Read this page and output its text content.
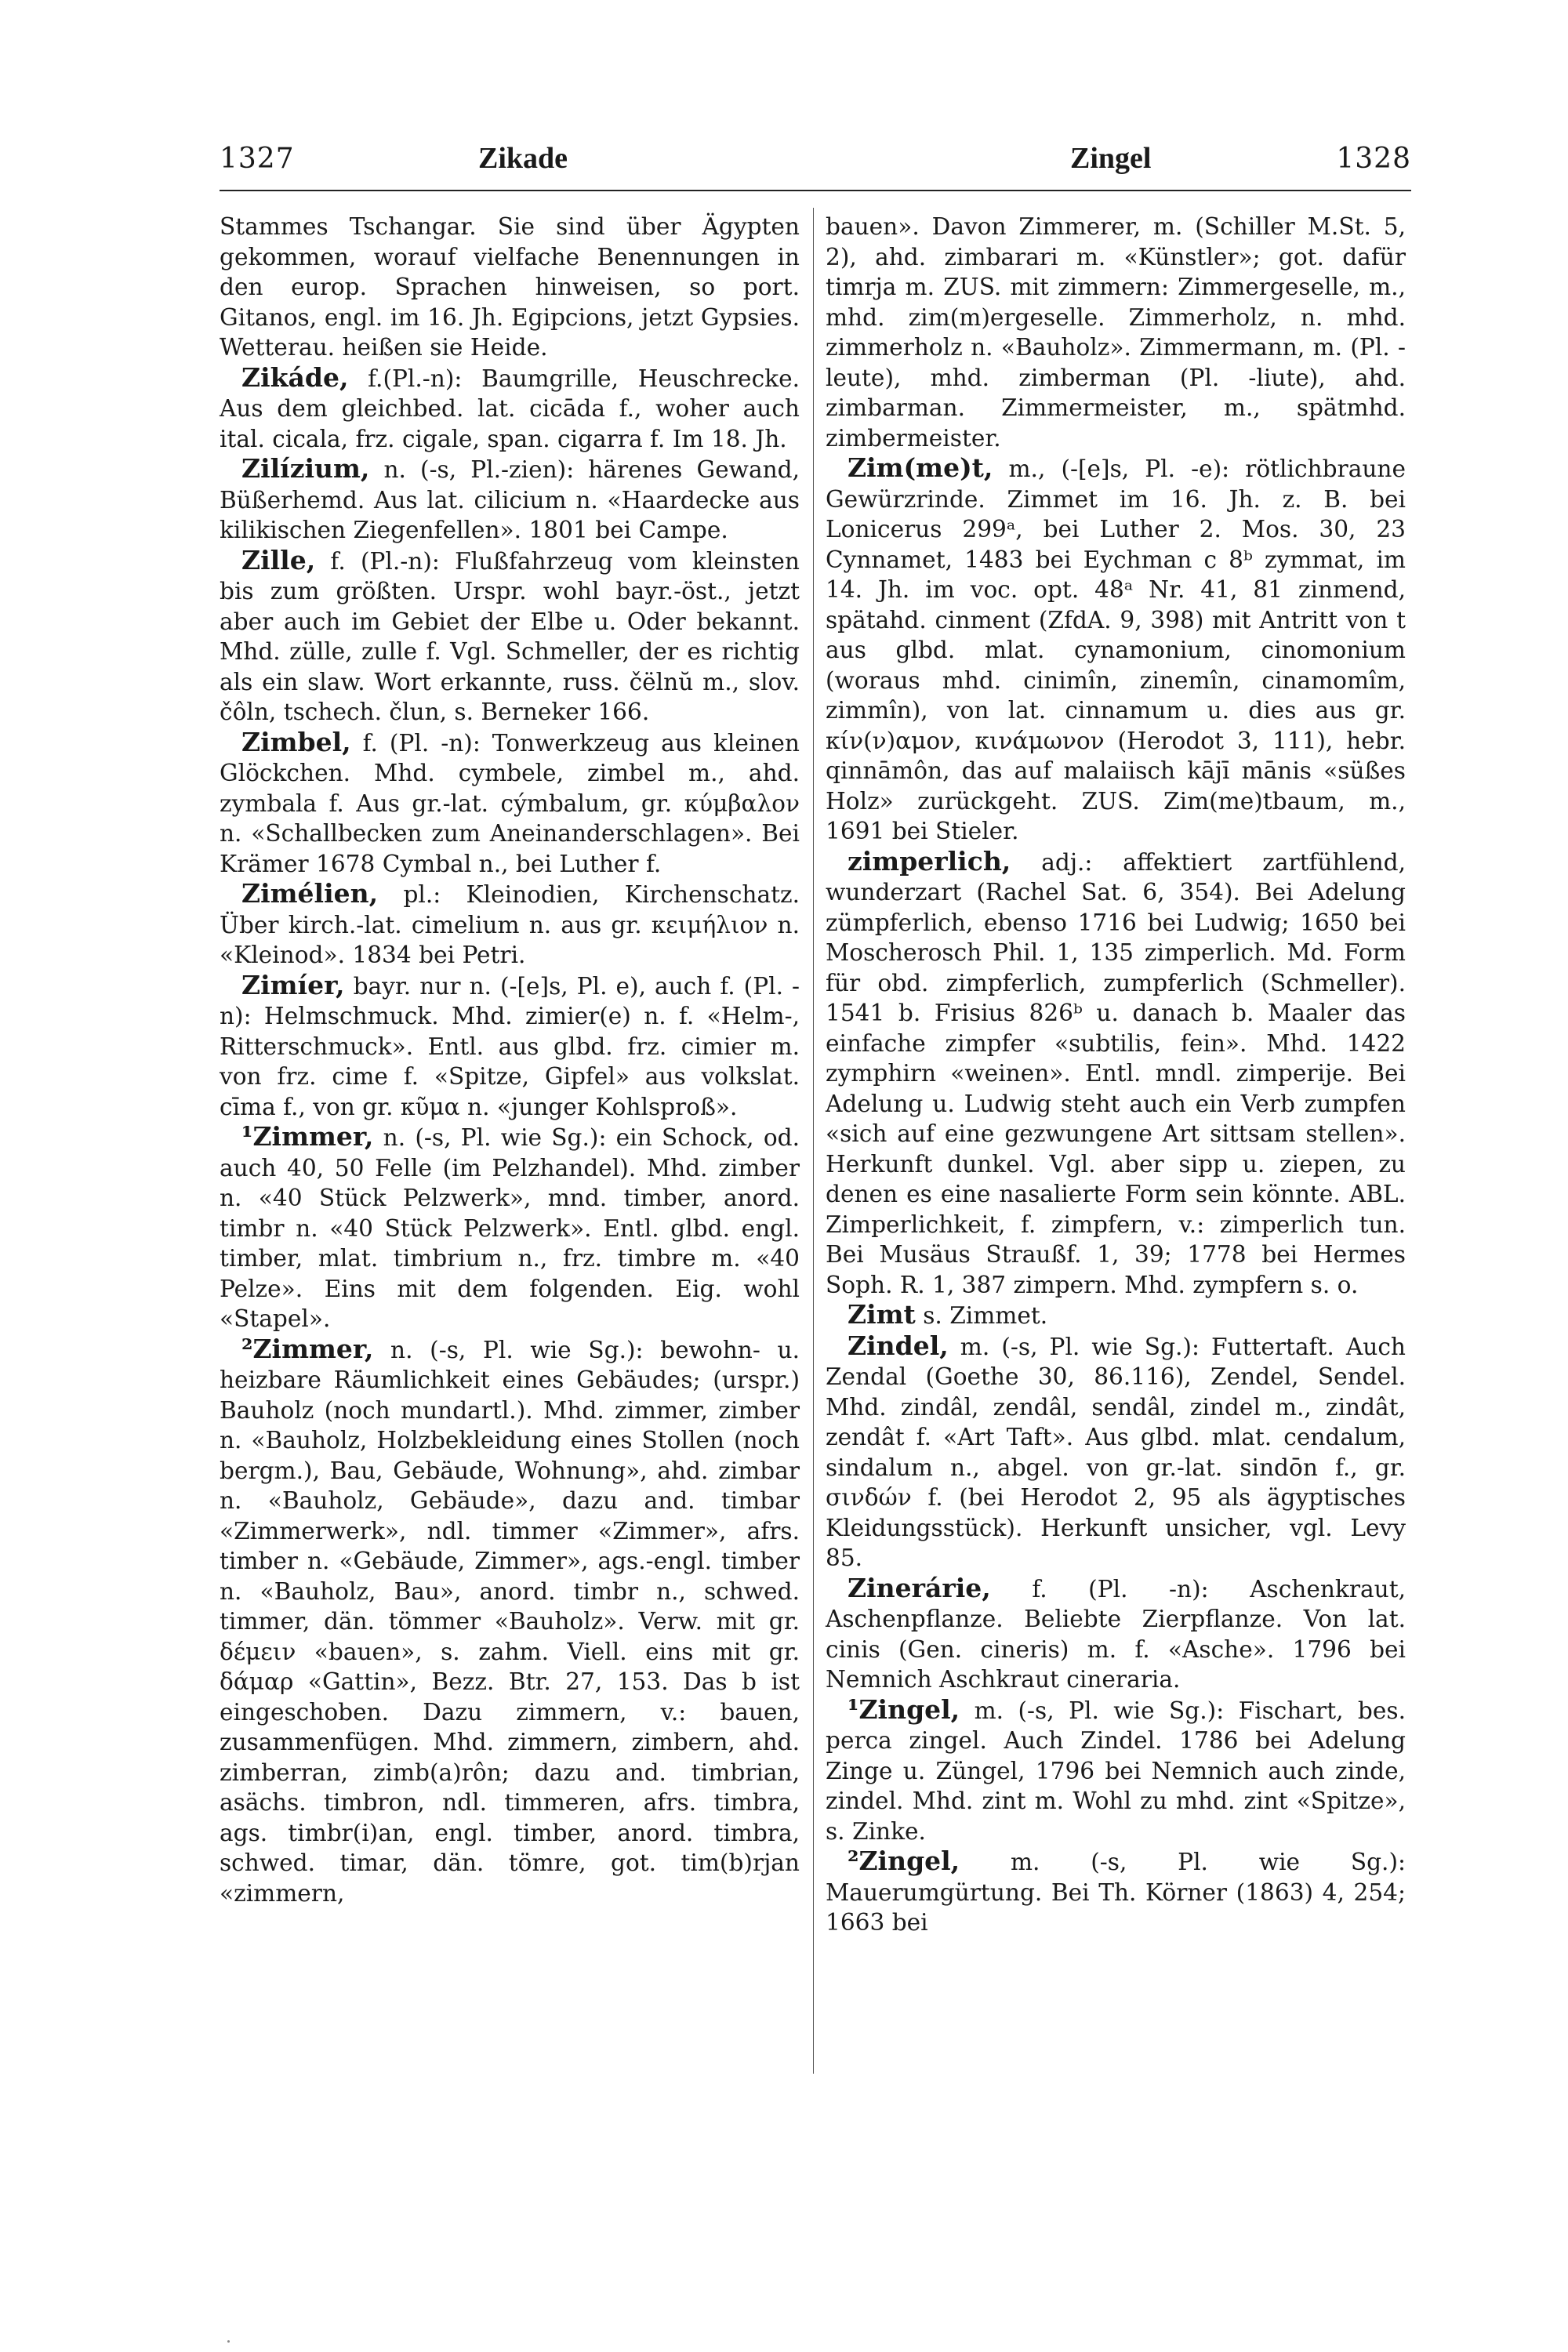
1327	Zikade	Zingel	1328

Stammes Tschangar. Sie sind über Ägypten gekommen, worauf vielfache Benennungen in den europ. Sprachen hinweisen, so port. Gitanos, engl. im 16. Jh. Egipcions, jetzt Gypsies. Wetterau. heißen sie Heide.

Zikáde, f.(Pl.-n): Baumgrille, Heuschrecke. Aus dem gleichbed. lat. cicāda f., woher auch ital. cicala, frz. cigale, span. cigarra f. Im 18. Jh.

Zilízium, n. (-s, Pl.-zien): härenes Gewand, Büßerhemd. Aus lat. cilicium n. «Haardecke aus kilikischen Ziegenfellen». 1801 bei Campe.

Zille, f. (Pl.-n): Flußfahrzeug vom kleinsten bis zum größten. Urspr. wohl bayr.-öst., jetzt aber auch im Gebiet der Elbe u. Oder bekannt. Mhd. zülle, zulle f. Vgl. Schmeller, der es richtig als ein slaw. Wort erkannte, russ. čëlnŭ m., slov. čôln, tschech. člun, s. Berneker 166.

Zimbel, f. (Pl. -n): Tonwerkzeug aus kleinen Glöckchen. Mhd. cymbele, zimbel m., ahd. zymbala f. Aus gr.-lat. cýmbalum, gr. κύμβαλον n. «Schallbecken zum Aneinanderschlagen». Bei Krämer 1678 Cymbal n., bei Luther f.

Zimélien, pl.: Kleinodien, Kirchenschatz. Über kirch.-lat. cimelium n. aus gr. κειμήλιον n. «Kleinod». 1834 bei Petri.

Zimíer, bayr. nur n. (-[e]s, Pl. e), auch f. (Pl. -n): Helmschmuck. Mhd. zimier(e) n. f. «Helm-, Ritterschmuck». Entl. aus glbd. frz. cimier m. von frz. cime f. «Spitze, Gipfel» aus volkslat. cīma f., von gr. κῦμα n. «junger Kohlsproß».

¹Zimmer, n. (-s, Pl. wie Sg.): ein Schock, od. auch 40, 50 Felle (im Pelzhandel). Mhd. zimber n. «40 Stück Pelzwerk», mnd. timber, anord. timbr n. «40 Stück Pelzwerk». Entl. glbd. engl. timber, mlat. timbrium n., frz. timbre m. «40 Pelze». Eins mit dem folgenden. Eig. wohl «Stapel».

²Zimmer, n. (-s, Pl. wie Sg.): bewohn- u. heizbare Räumlichkeit eines Gebäudes; (urspr.) Bauholz (noch mundartl.). Mhd. zimmer, zimber n. «Bauholz, Holzbekleidung eines Stollen (noch bergm.), Bau, Gebäude, Wohnung», ahd. zimbar n. «Bauholz, Gebäude», dazu and. timbar «Zimmerwerk», ndl. timmer «Zimmer», afrs. timber n. «Gebäude, Zimmer», ags.-engl. timber n. «Bauholz, Bau», anord. timbr n., schwed. timmer, dän. tömmer «Bauholz». Verw. mit gr. δέμειν «bauen», s. zahm. Viell. eins mit gr. δάμαρ «Gattin», Bezz. Btr. 27, 153. Das b ist eingeschoben. Dazu zimmern, v.: bauen, zusammenfügen. Mhd. zimmern, zimbern, ahd. zimberran, zimb(a)rôn; dazu and. timbrian, asächs. timbron, ndl. timmeren, afrs. timbra, ags. timbr(i)an, engl. timber, anord. timbra, schwed. timar, dän. tömre, got. tim(b)rjan «zimmern,

bauen». Davon Zimmerer, m. (Schiller M.St. 5, 2), ahd. zimbarari m. «Künstler»; got. dafür timrja m. ZUS. mit zimmern: Zimmergeselle, m., mhd. zim(m)ergeselle. Zimmerholz, n. mhd. zimmerholz n. «Bauholz». Zimmermann, m. (Pl. -leute), mhd. zimberman (Pl. -liute), ahd. zimbarman. Zimmermeister, m., spätmhd. zimbermeister.

Zim(me)t, m., (-[e]s, Pl. -e): rötlichbraune Gewürzrinde. Zimmet im 16. Jh. z. B. bei Lonicerus 299ᵃ, bei Luther 2. Mos. 30, 23 Cynnamet, 1483 bei Eychman c 8ᵇ zymmat, im 14. Jh. im voc. opt. 48ᵃ Nr. 41, 81 zinmend, spätahd. cinment (ZfdA. 9, 398) mit Antritt von t aus glbd. mlat. cynamonium, cinomonium (woraus mhd. cinimîn, zinemîn, cinamomîm, zimmîn), von lat. cinnamum u. dies aus gr. κίν(ν)αμον, κινάμωνον (Herodot 3, 111), hebr. qinnāmôn, das auf malaiisch kājī mānis «süßes Holz» zurückgeht. ZUS. Zim(me)tbaum, m., 1691 bei Stieler.

zimperlich, adj.: affektiert zartfühlend, wunderzart (Rachel Sat. 6, 354). Bei Adelung zümpferlich, ebenso 1716 bei Ludwig; 1650 bei Moscherosch Phil. 1, 135 zimperlich. Md. Form für obd. zimpferlich, zumpferlich (Schmeller). 1541 b. Frisius 826ᵇ u. danach b. Maaler das einfache zimpfer «subtilis, fein». Mhd. 1422 zymphirn «weinen». Entl. mndl. zimperije. Bei Adelung u. Ludwig steht auch ein Verb zumpfen «sich auf eine gezwungene Art sittsam stellen». Herkunft dunkel. Vgl. aber sipp u. ziepen, zu denen es eine nasalierte Form sein könnte. ABL. Zimperlichkeit, f. zimpfern, v.: zimperlich tun. Bei Musäus Straußf. 1, 39; 1778 bei Hermes Soph. R. 1, 387 zimpern. Mhd. zympfern s. o.

Zimt s. Zimmet.

Zindel, m. (-s, Pl. wie Sg.): Futtertaft. Auch Zendal (Goethe 30, 86.116), Zendel, Sendel. Mhd. zindâl, zendâl, sendâl, zindel m., zindât, zendât f. «Art Taft». Aus glbd. mlat. cendalum, sindalum n., abgel. von gr.-lat. sindōn f., gr. σινδών f. (bei Herodot 2, 95 als ägyptisches Kleidungsstück). Herkunft unsicher, vgl. Levy 85.

Zinerárie, f. (Pl. -n): Aschenkraut, Aschenpflanze. Beliebte Zierpflanze. Von lat. cinis (Gen. cineris) m. f. «Asche». 1796 bei Nemnich Aschkraut cineraria.

¹Zingel, m. (-s, Pl. wie Sg.): Fischart, bes. perca zingel. Auch Zindel. 1786 bei Adelung Zinge u. Züngel, 1796 bei Nemnich auch zinde, zindel. Mhd. zint m. Wohl zu mhd. zint «Spitze», s. Zinke.

²Zingel, m. (-s, Pl. wie Sg.): Mauerumgürtung. Bei Th. Körner (1863) 4, 254; 1663 bei
